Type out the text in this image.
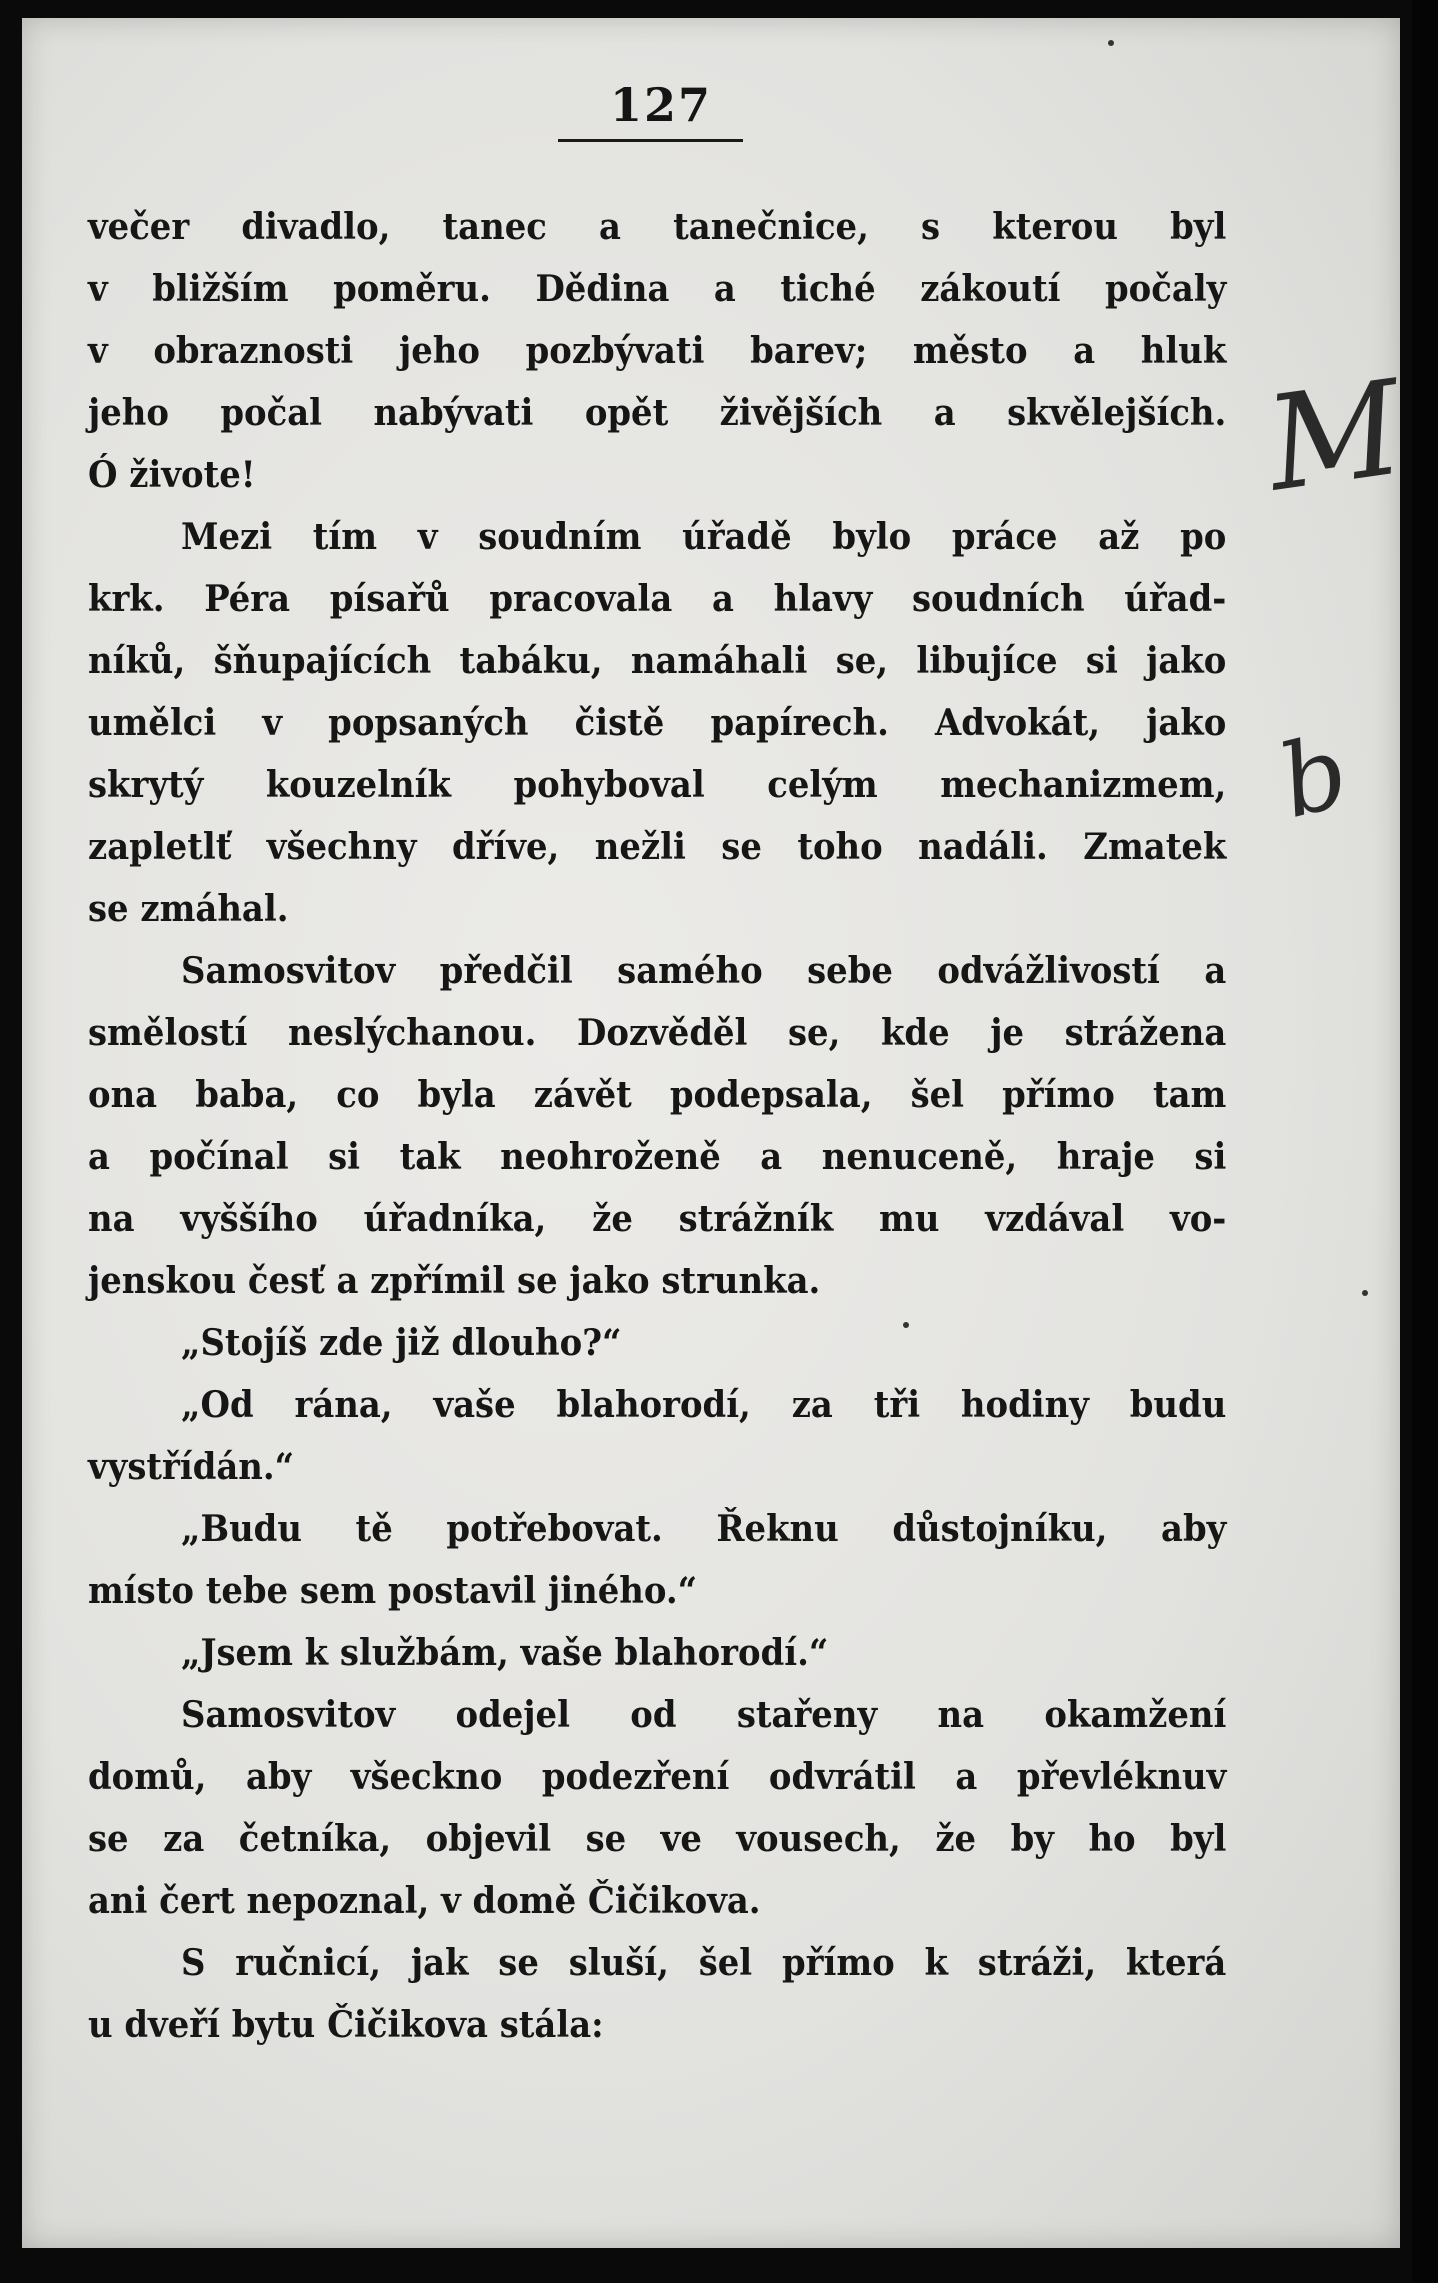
127
večer divadlo, tanec a tanečnice, s kterou byl
v bližším poměru. Dědina a tiché zákoutí počaly
v obraznosti jeho pozbývati barev; město a hluk
jeho počal nabývati opět živějších a skvělejších.
Ó živote!
Mezi tím v soudním úřadě bylo práce až po
krk. Péra písařů pracovala a hlavy soudních úřad-
níků, šňupajících tabáku, namáhali se, libujíce si jako
umělci v popsaných čistě papírech. Advokát, jako
skrytý kouzelník pohyboval celým mechanizmem,
zapletlť všechny dříve, nežli se toho nadáli. Zmatek
se zmáhal.
Samosvitov předčil samého sebe odvážlivostí a
smělostí neslýchanou. Dozvěděl se, kde je strážena
ona baba, co byla závět podepsala, šel přímo tam
a počínal si tak neohroženě a nenuceně, hraje si
na vyššího úřadníka, že strážník mu vzdával vo-
jenskou česť a zpřímil se jako strunka.
„Stojíš zde již dlouho?“
„Od rána, vaše blahorodí, za tři hodiny budu
vystřídán.“
„Budu tě potřebovat. Řeknu důstojníku, aby
místo tebe sem postavil jiného.“
„Jsem k službám, vaše blahorodí.“
Samosvitov odejel od stařeny na okamžení
domů, aby všeckno podezření odvrátil a převléknuv
se za četníka, objevil se ve vousech, že by ho byl
ani čert nepoznal, v domě Čičikova.
S ručnicí, jak se sluší, šel přímo k stráži, která
u dveří bytu Čičikova stála:
M
b
